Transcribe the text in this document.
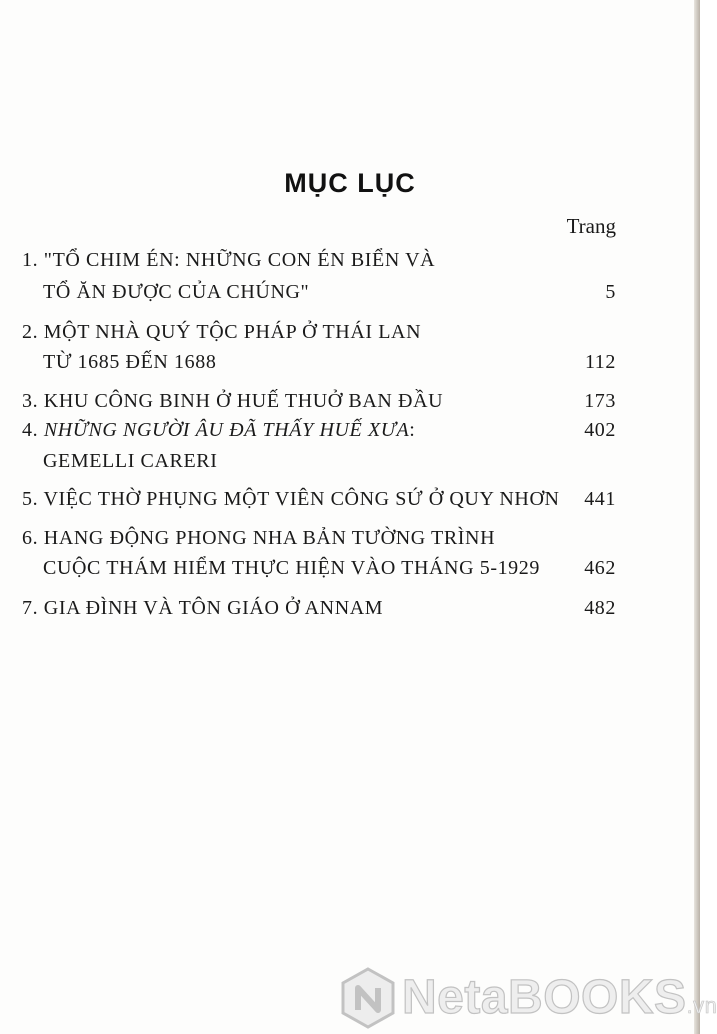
MỤC LỤC
Trang
1. "TỔ CHIM ÉN: NHỮNG CON ÉN BIỂN VÀ
TỔ ĂN ĐƯỢC CỦA CHÚNG"	5
2. MỘT NHÀ QUÝ TỘC PHÁP Ở THÁI LAN
TỪ 1685 ĐẾN 1688	112
3. KHU CÔNG BINH Ở HUẾ THUỞ BAN ĐẦU	173
4. NHỮNG NGƯỜI ÂU ĐÃ THẤY HUẾ XƯA:	402
GEMELLI CARERI
5. VIỆC THỜ PHỤNG MỘT VIÊN CÔNG SỨ Ở QUY NHƠN 441
6. HANG ĐỘNG PHONG NHA BẢN TƯỜNG TRÌNH
CUỘC THÁM HIỂM THỰC HIỆN VÀO THÁNG 5-1929 462
7. GIA ĐÌNH VÀ TÔN GIÁO Ở ANNAM	482
NetaBOOKS.vn
